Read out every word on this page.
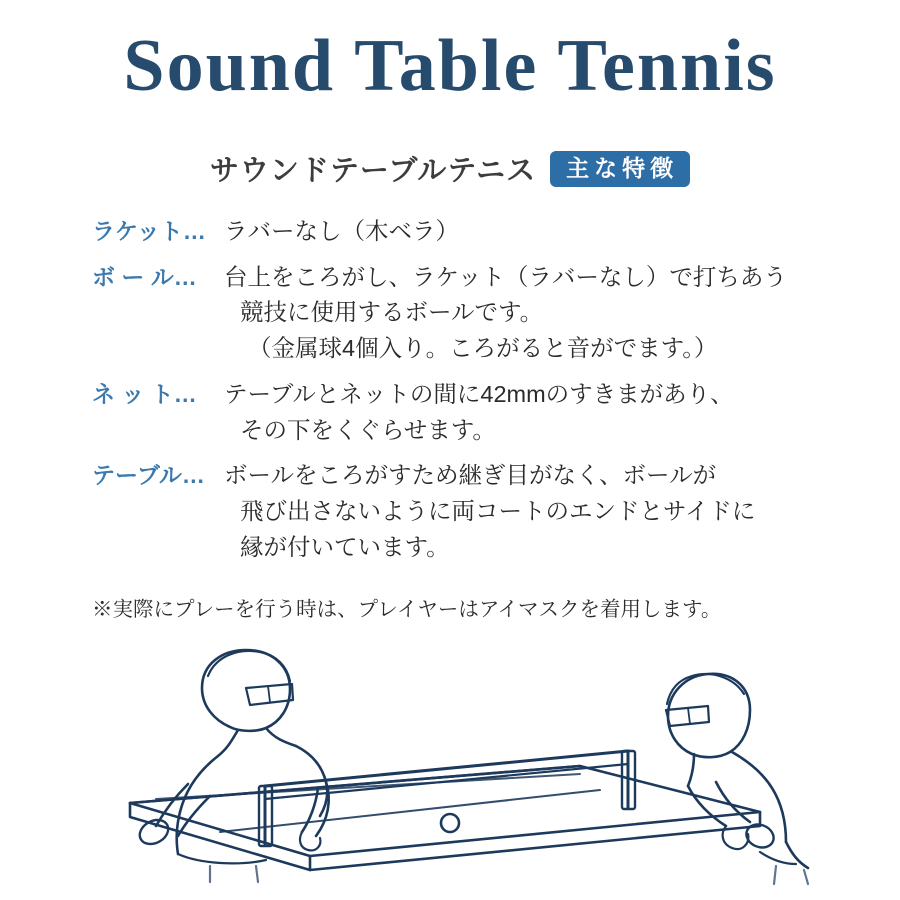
Sound Table Tennis
サウンドテーブルテニス	主な特徴
ラケット… ラバーなし（木ベラ）
ボ ー ル…	台上をころがし、ラケット（ラバーなし）で打ちあう
競技に使用するボールです。
（金属球4個入り。ころがると音がでます。）
ネ ッ ト…	テーブルとネットの間に42mmのすきまがあり、
その下をくぐらせます。
テーブル… ボールをころがすため継ぎ目がなく、ボールが
飛び出さないように両コートのエンドとサイドに
縁が付いています。
※実際にプレーを行う時は、プレイヤーはアイマスクを着用します。
